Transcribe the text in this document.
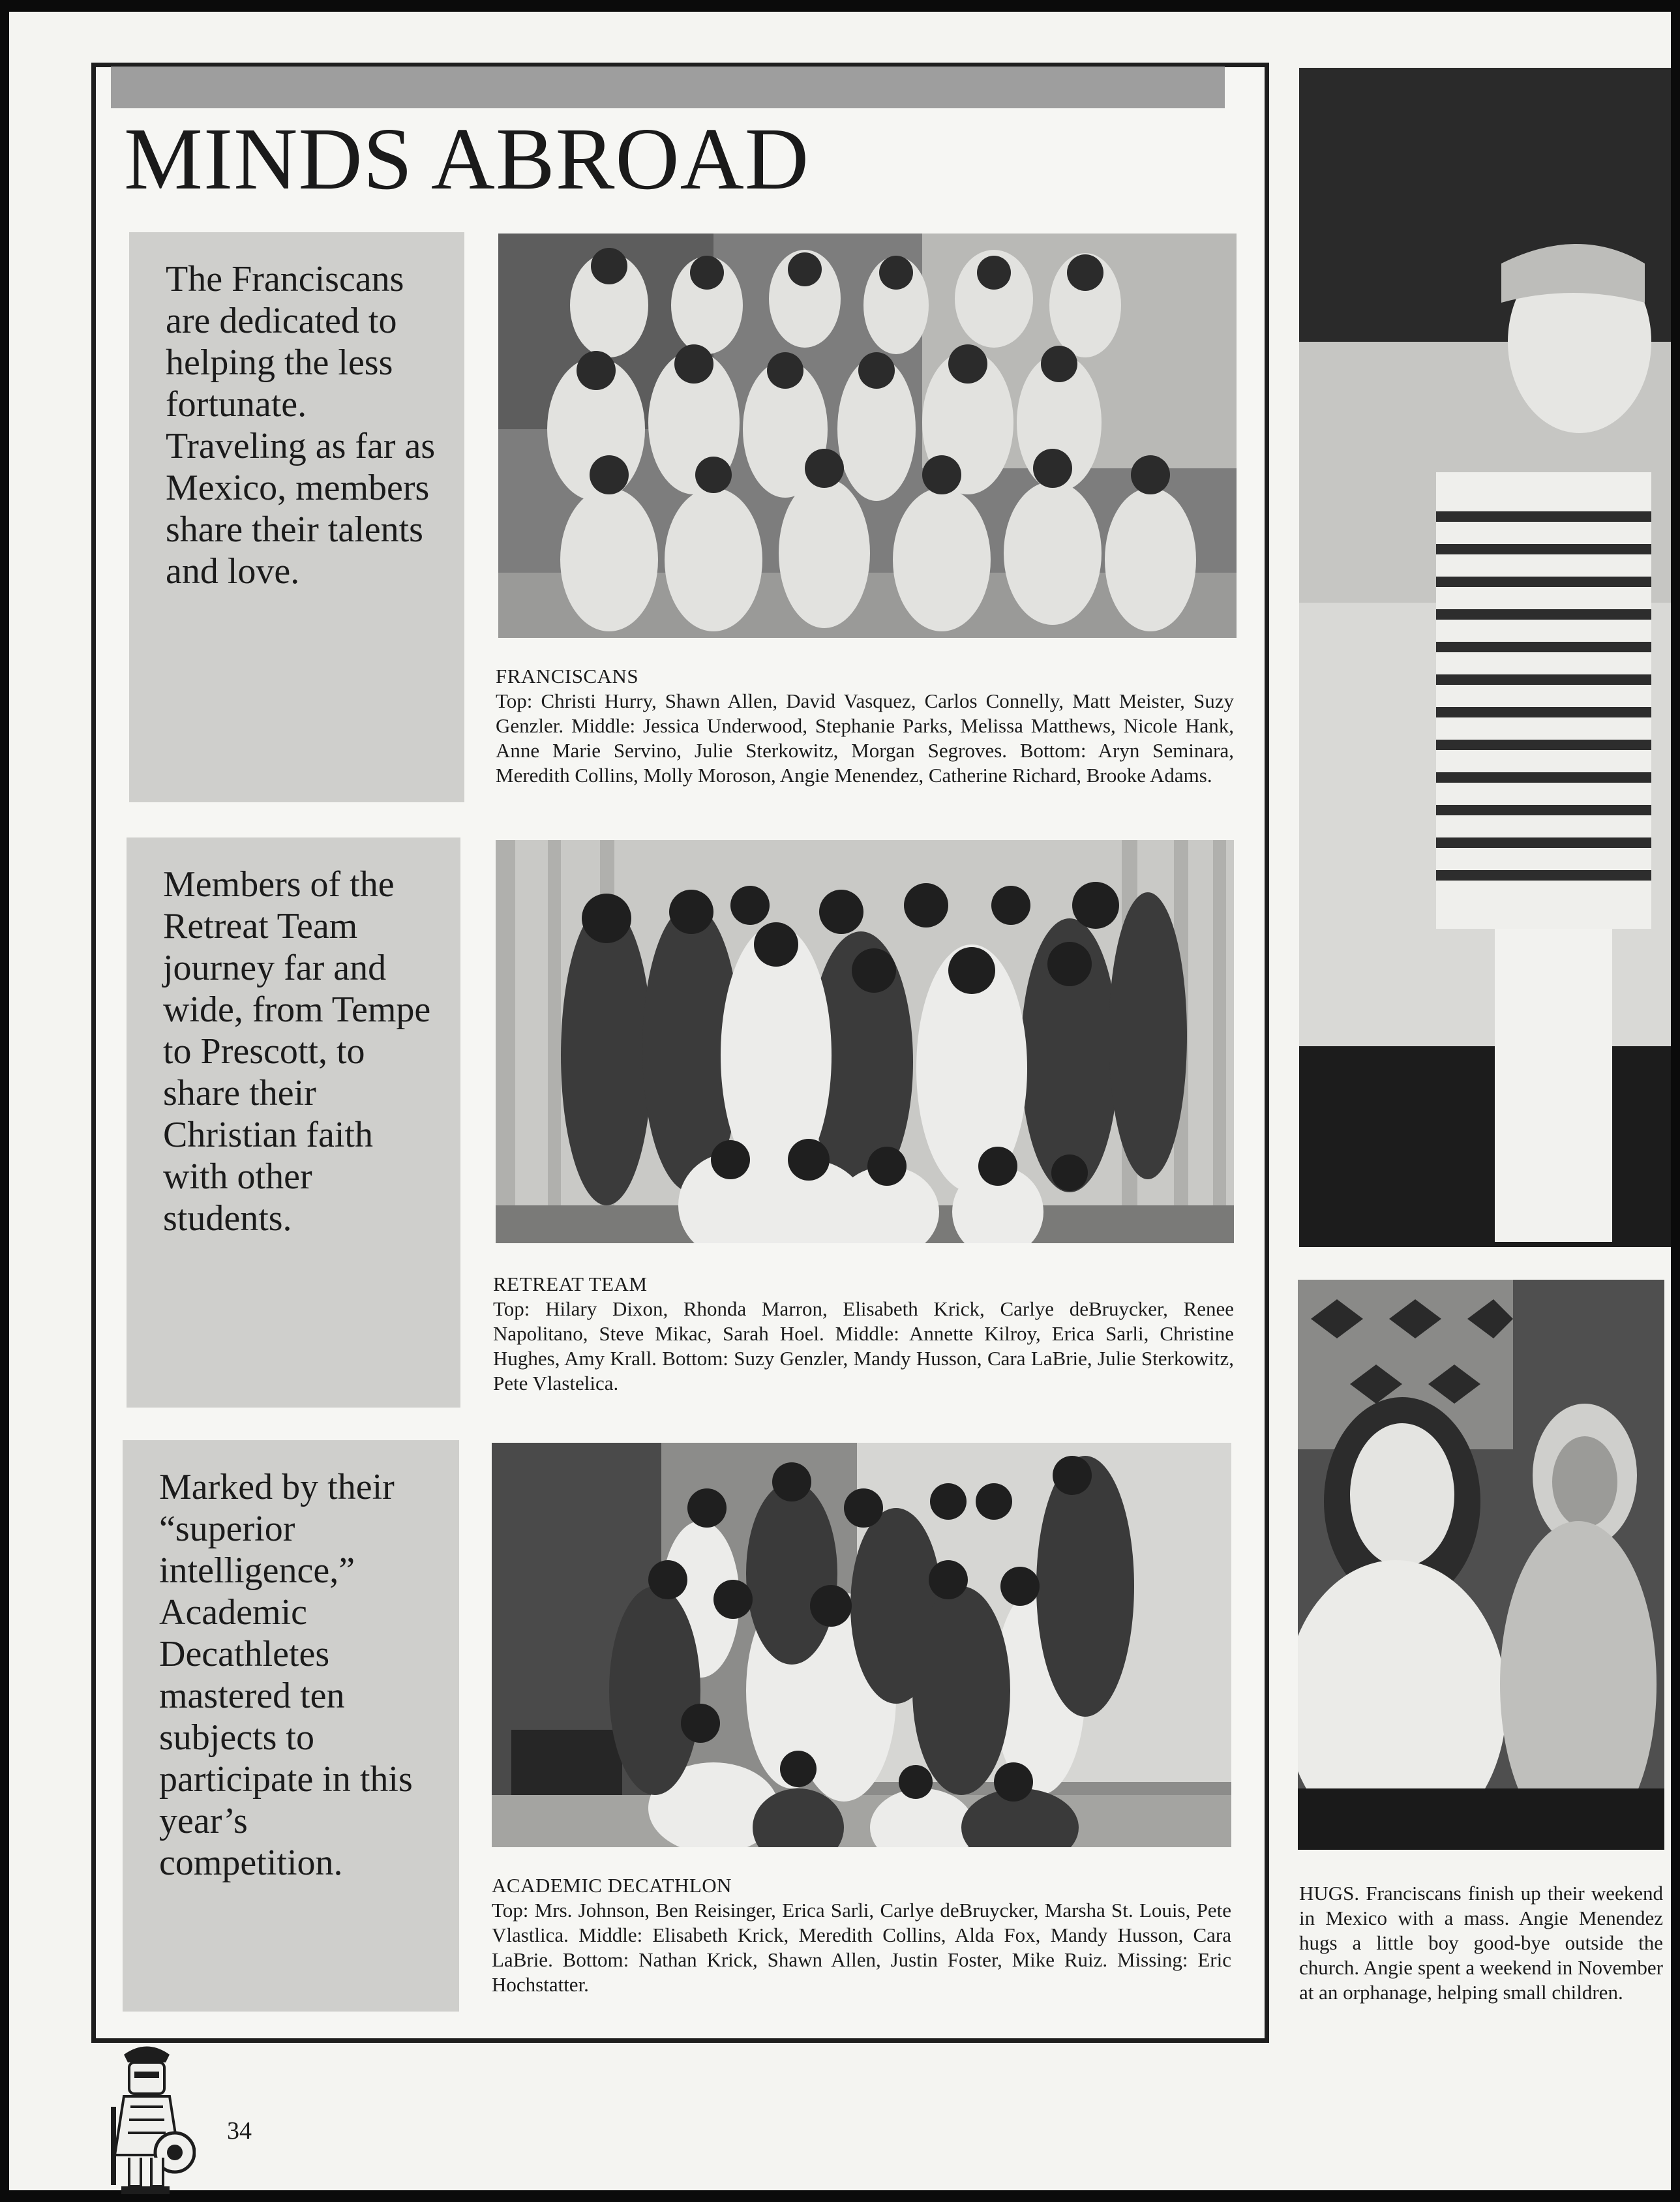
MINDS ABROAD

The Franciscans are dedicated to helping the less fortunate. Traveling as far as Mexico, members share their talents and love.

FRANCISCANS
Top: Christi Hurry, Shawn Allen, David Vasquez, Carlos Connelly, Matt Meister, Suzy Genzler. Middle: Jessica Underwood, Stephanie Parks, Melissa Matthews, Nicole Hank, Anne Marie Servino, Julie Sterkowitz, Morgan Segroves. Bottom: Aryn Seminara, Meredith Collins, Molly Moroson, Angie Menendez, Catherine Richard, Brooke Adams.

Members of the Retreat Team journey far and wide, from Tempe to Prescott, to share their Christian faith with other students.

RETREAT TEAM
Top: Hilary Dixon, Rhonda Marron, Elisabeth Krick, Carlye deBruycker, Renee Napolitano, Steve Mikac, Sarah Hoel. Middle: Annette Kilroy, Erica Sarli, Christine Hughes, Amy Krall. Bottom: Suzy Genzler, Mandy Husson, Cara LaBrie, Julie Sterkowitz, Pete Vlastelica.

Marked by their “superior intelligence,” Academic Decathletes mastered ten subjects to participate in this year’s competition.

ACADEMIC DECATHLON
Top: Mrs. Johnson, Ben Reisinger, Erica Sarli, Carlye deBruycker, Marsha St. Louis, Pete Vlastlica. Middle: Elisabeth Krick, Meredith Collins, Alda Fox, Mandy Husson, Cara LaBrie. Bottom: Nathan Krick, Shawn Allen, Justin Foster, Mike Ruiz. Missing: Eric Hochstatter.
HUGS. Franciscans finish up their weekend in Mexico with a mass. Angie Menendez hugs a little boy good-bye outside the church. Angie spent a weekend in November at an orphanage, helping small children.
34
